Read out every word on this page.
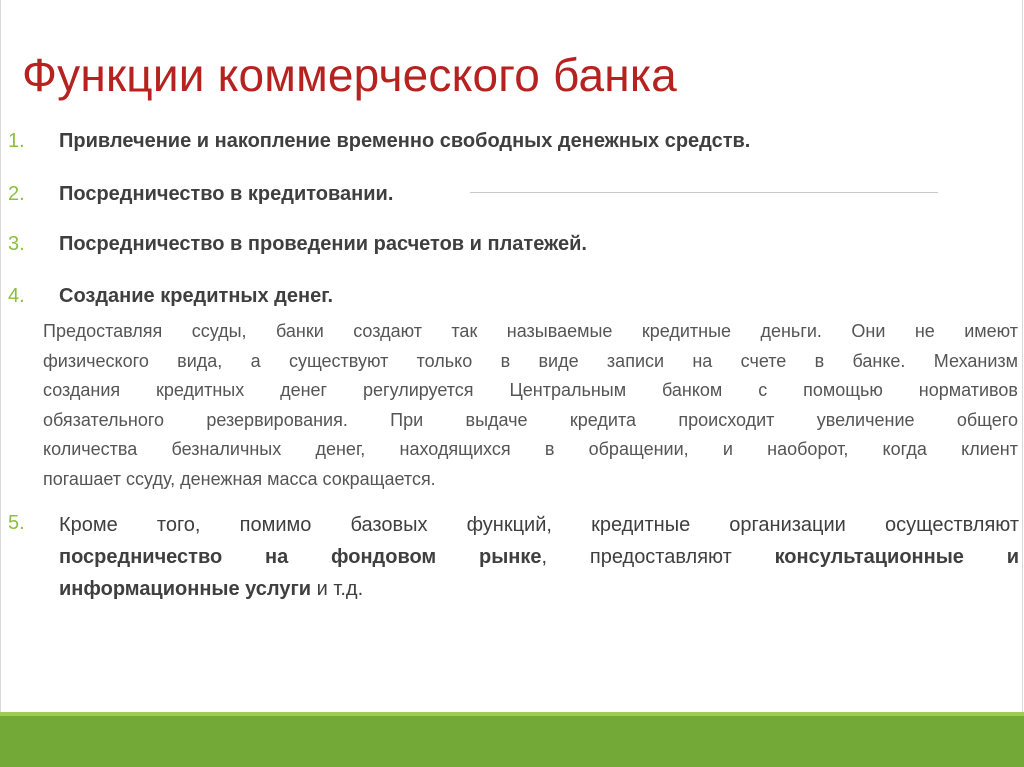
Функции коммерческого банка
1. Привлечение и накопление временно свободных денежных средств.
2. Посредничество в кредитовании.
3. Посредничество в проведении расчетов и платежей.
4. Создание кредитных денег.

Предоставляя ссуды, банки создают так называемые кредитные деньги. Они не имеют
физического вида, а существуют только в виде записи на счете в банке. Механизм
создания кредитных денег регулируется Центральным банком с помощью нормативов
обязательного резервирования. При выдаче кредита происходит увеличение общего
количества безналичных денег, находящихся в обращении, и наоборот, когда клиент
погашает ссуду, денежная масса сокращается.

5. Кроме того, помимо базовых функций, кредитные организации осуществляют
посредничество на фондовом рынке, предоставляют консультационные и
информационные услуги и т.д.
